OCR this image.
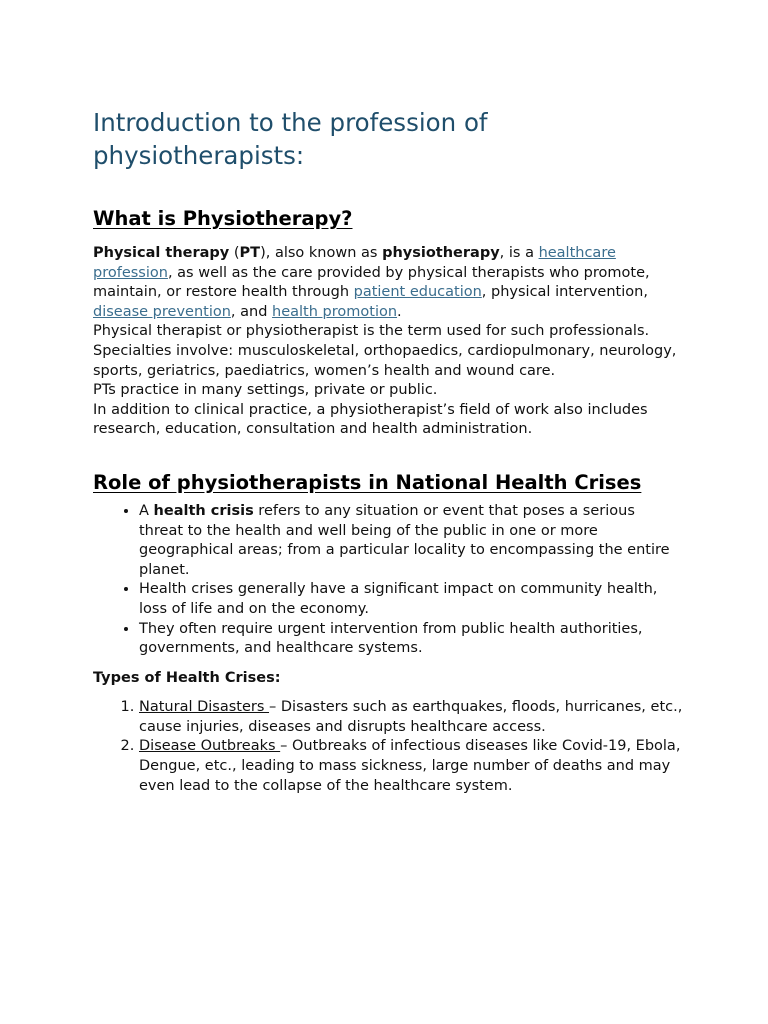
Introduction to the profession of physiotherapists:
What is Physiotherapy?

Physical therapy (PT), also known as physiotherapy, is a healthcare profession, as well as the care provided by physical therapists who promote, maintain, or restore health through patient education, physical intervention, disease prevention, and health promotion.

Physical therapist or physiotherapist is the term used for such professionals.

Specialties involve: musculoskeletal, orthopaedics, cardiopulmonary, neurology, sports, geriatrics, paediatrics, women’s health and wound care.

PTs practice in many settings, private or public.

In addition to clinical practice, a physiotherapist’s field of work also includes research, education, consultation and health administration.

Role of physiotherapists in National Health Crises
• A health crisis refers to any situation or event that poses a serious threat to the health and well being of the public in one or more geographical areas; from a particular locality to encompassing the entire planet.
• Health crises generally have a significant impact on community health, loss of life and on the economy.
• They often require urgent intervention from public health authorities, governments, and healthcare systems.
Types of Health Crises:
1. Natural Disasters – Disasters such as earthquakes, floods, hurricanes, etc., cause injuries, diseases and disrupts healthcare access.
2. Disease Outbreaks – Outbreaks of infectious diseases like Covid-19, Ebola, Dengue, etc., leading to mass sickness, large number of deaths and may even lead to the collapse of the healthcare system.
